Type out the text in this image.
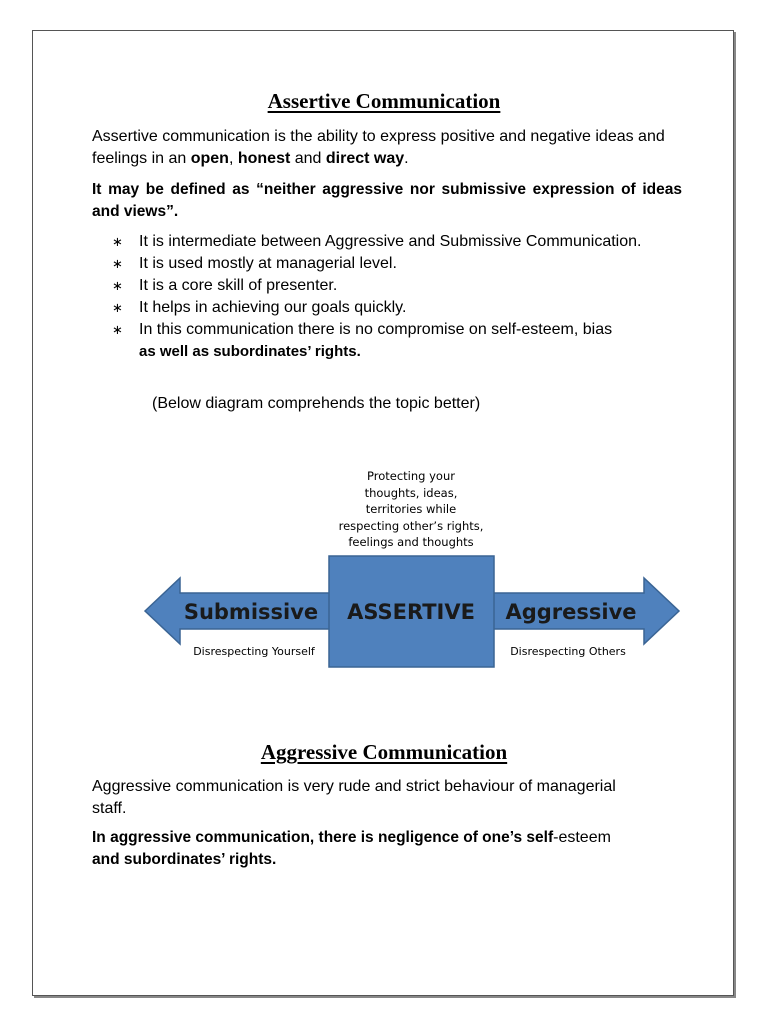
Assertive Communication
Assertive communication is the ability to express positive and negative ideas and feelings in an open, honest and direct way.
It may be defined as “neither aggressive nor submissive expression of ideas and views”.
∗ It is intermediate between Aggressive and Submissive Communication.
∗ It is used mostly at managerial level.
∗ It is a core skill of presenter.
∗ It helps in achieving our goals quickly.
∗ In this communication there is no compromise on self-esteem, bias
as well as subordinates’ rights.
(Below diagram comprehends the topic better)
Protecting your
thoughts, ideas,
territories while
respecting other’s rights,
feelings and thoughts
Submissive ASSERTIVE Aggressive
Disrespecting Yourself	Disrespecting Others
Aggressive Communication
Aggressive communication is very rude and strict behaviour of managerial staff.
In aggressive communication, there is negligence of one’s self-esteem
and subordinates’ rights.
